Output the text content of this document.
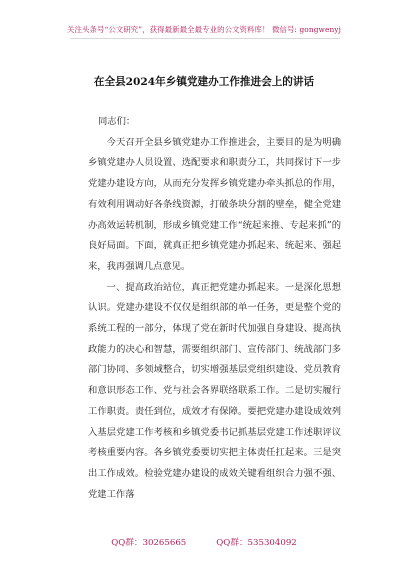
关注头条号“公文研究”，获得最新最全最专业的公文资料库！ 微信号: gongwenyj
在全县2024年乡镇党建办工作推进会上的讲话

同志们：

今天召开全县乡镇党建办工作推进会，主要目的是为明确乡镇党建办人员设置、选配要求和职责分工，共同探讨下一步党建办建设方向，从而充分发挥乡镇党建办牵头抓总的作用，有效利用调动好各条线资源，打破条块分割的壁垒，健全党建办高效运转机制，形成乡镇党建工作“统起来推、专起来抓”的良好局面。下面，就真正把乡镇党建办抓起来、统起来、强起来，我再强调几点意见。

一、提高政治站位，真正把党建办抓起来。一是深化思想认识。党建办建设不仅仅是组织部的单一任务，更是整个党的系统工程的一部分，体现了党在新时代加强自身建设、提高执政能力的决心和智慧，需要组织部门、宣传部门、统战部门多部门协同、多领域整合，切实增强基层党组织建设、党员教育和意识形态工作、党与社会各界联络联系工作。二是切实履行工作职责。责任到位，成效才有保障。要把党建办建设成效列入基层党建工作考核和乡镇党委书记抓基层党建工作述职评议考核重要内容。各乡镇党委要切实把主体责任扛起来。三是突出工作成效。检验党建办建设的成效关键看组织合力强不强、党建工作落

QQ群：30265665	QQ群：535304092
